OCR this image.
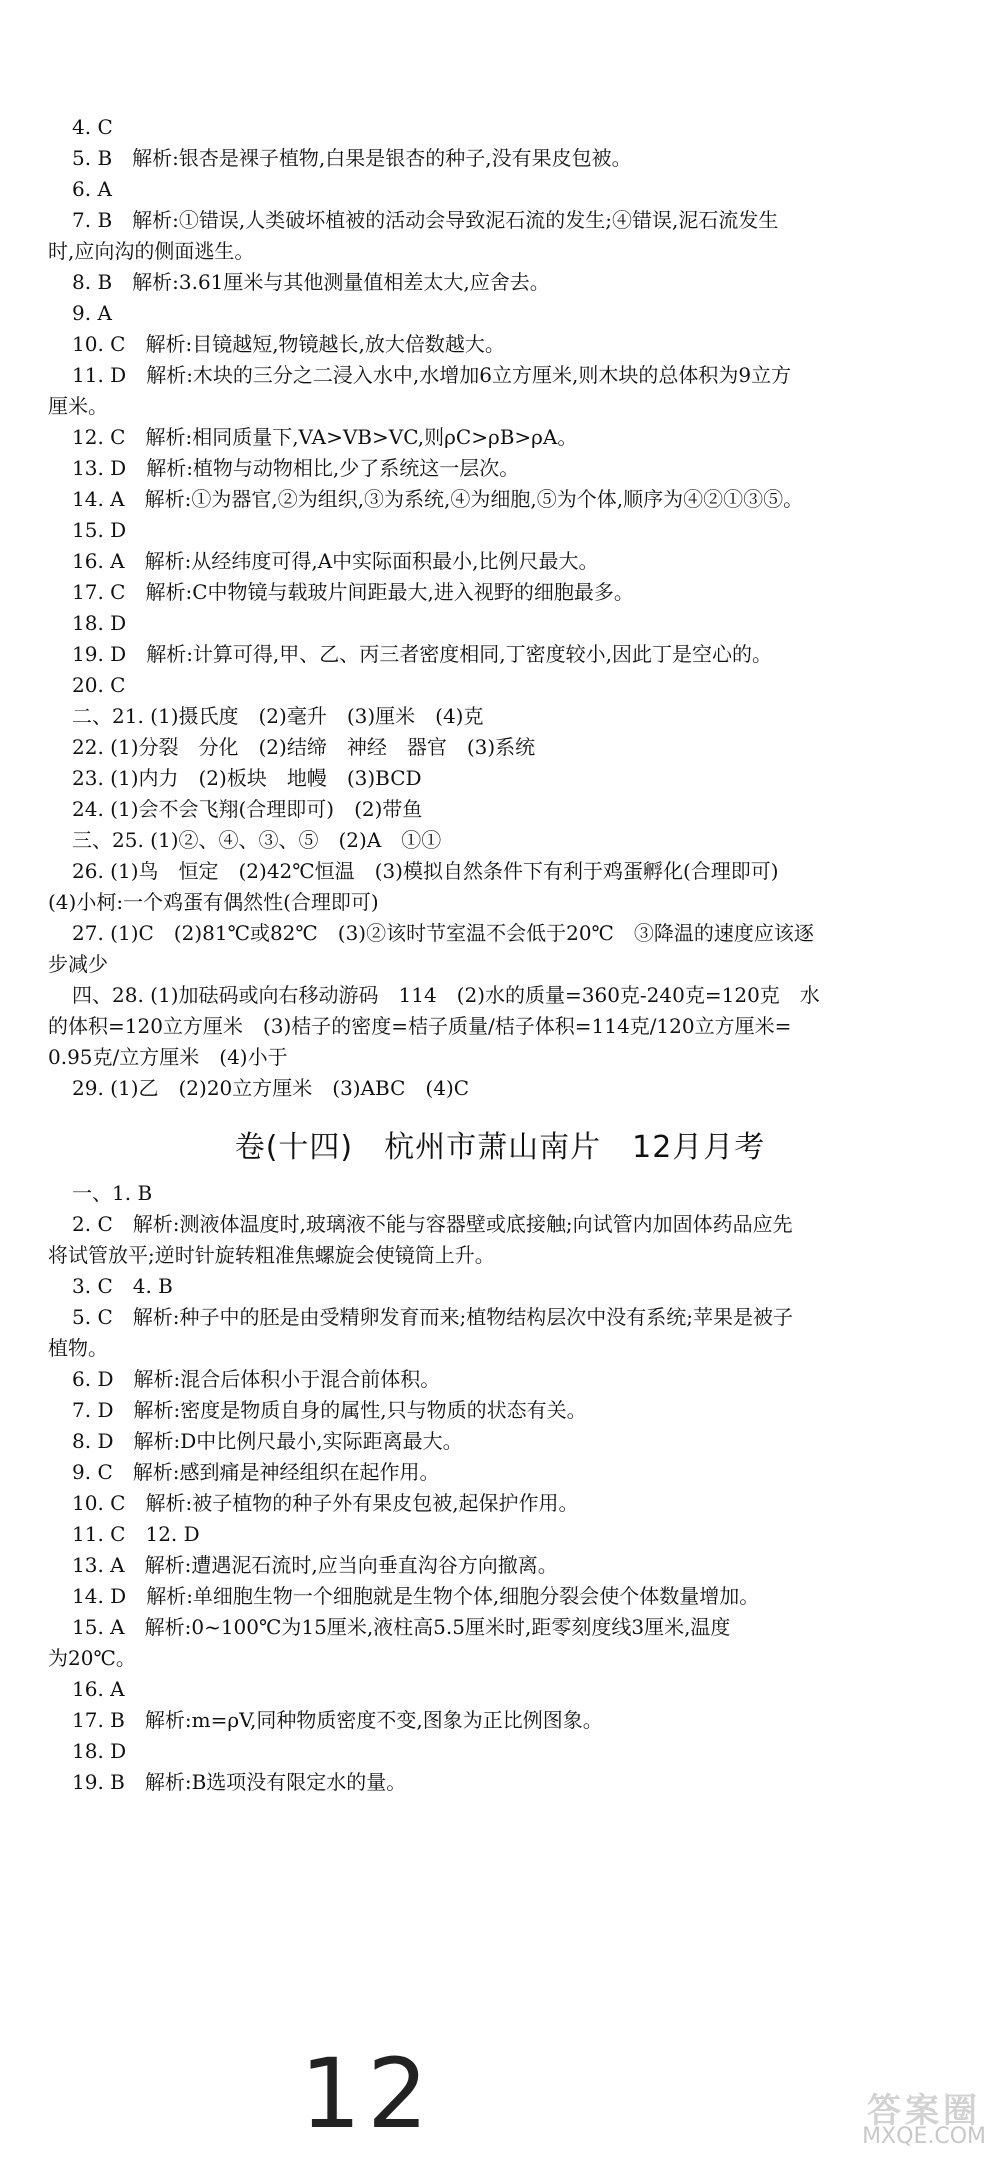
4. C
5. B　解析:银杏是裸子植物,白果是银杏的种子,没有果皮包被。
6. A
7. B　解析:①错误,人类破坏植被的活动会导致泥石流的发生;④错误,泥石流发生
时,应向沟的侧面逃生。
8. B　解析:3.61厘米与其他测量值相差太大,应舍去。
9. A
10. C　解析:目镜越短,物镜越长,放大倍数越大。
11. D　解析:木块的三分之二浸入水中,水增加6立方厘米,则木块的总体积为9立方
厘米。
12. C　解析:相同质量下,VA>VB>VC,则ρC>ρB>ρA。
13. D　解析:植物与动物相比,少了系统这一层次。
14. A　解析:①为器官,②为组织,③为系统,④为细胞,⑤为个体,顺序为④②①③⑤。
15. D
16. A　解析:从经纬度可得,A中实际面积最小,比例尺最大。
17. C　解析:C中物镜与载玻片间距最大,进入视野的细胞最多。
18. D
19. D　解析:计算可得,甲、乙、丙三者密度相同,丁密度较小,因此丁是空心的。
20. C
二、21. (1)摄氏度　(2)毫升　(3)厘米　(4)克
22. (1)分裂　分化　(2)结缔　神经　器官　(3)系统
23. (1)内力　(2)板块　地幔　(3)BCD
24. (1)会不会飞翔(合理即可)　(2)带鱼
三、25. (1)②、④、③、⑤　(2)A　①①
26. (1)鸟　恒定　(2)42℃恒温　(3)模拟自然条件下有利于鸡蛋孵化(合理即可)
(4)小柯:一个鸡蛋有偶然性(合理即可)
27. (1)C　(2)81℃或82℃　(3)②该时节室温不会低于20℃　③降温的速度应该逐
步减少
四、28. (1)加砝码或向右移动游码　114　(2)水的质量=360克-240克=120克　水
的体积=120立方厘米　(3)桔子的密度=桔子质量/桔子体积=114克/120立方厘米=
0.95克/立方厘米　(4)小于
29. (1)乙　(2)20立方厘米　(3)ABC　(4)C
卷(十四)　杭州市萧山南片　12月月考
一、1. B
2. C　解析:测液体温度时,玻璃液不能与容器壁或底接触;向试管内加固体药品应先
将试管放平;逆时针旋转粗准焦螺旋会使镜筒上升。
3. C　4. B
5. C　解析:种子中的胚是由受精卵发育而来;植物结构层次中没有系统;苹果是被子
植物。
6. D　解析:混合后体积小于混合前体积。
7. D　解析:密度是物质自身的属性,只与物质的状态有关。
8. D　解析:D中比例尺最小,实际距离最大。
9. C　解析:感到痛是神经组织在起作用。
10. C　解析:被子植物的种子外有果皮包被,起保护作用。
11. C　12. D
13. A　解析:遭遇泥石流时,应当向垂直沟谷方向撤离。
14. D　解析:单细胞生物一个细胞就是生物个体,细胞分裂会使个体数量增加。
15. A　解析:0~100℃为15厘米,液柱高5.5厘米时,距零刻度线3厘米,温度
为20℃。
16. A
17. B　解析:m=ρV,同种物质密度不变,图象为正比例图象。
18. D
19. B　解析:B选项没有限定水的量。
12	答案圈
MXQE.COM
